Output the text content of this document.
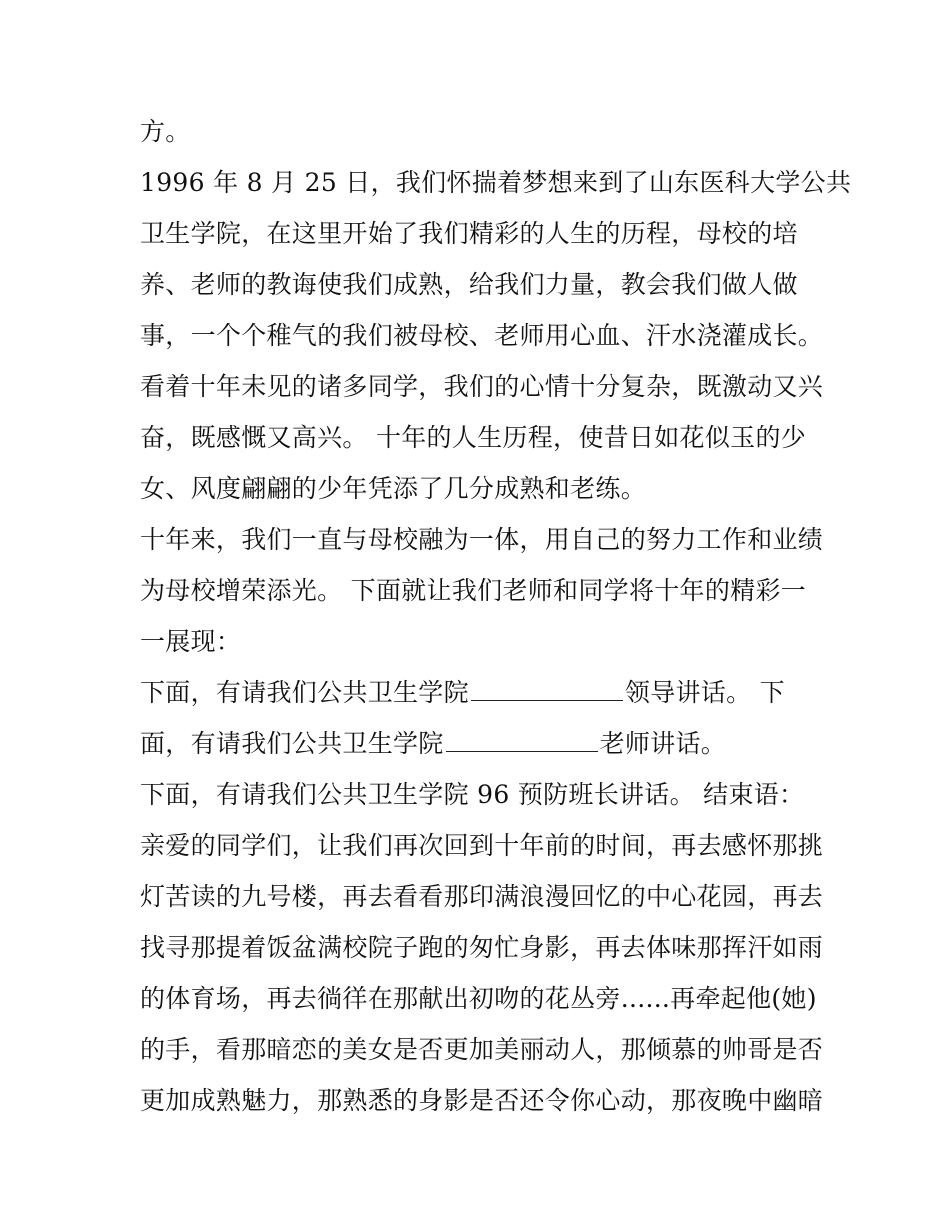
方。
1996 年 8 月 25 日，我们怀揣着梦想来到了山东医科大学公共
卫生学院，在这里开始了我们精彩的人生的历程，母校的培
养、老师的教诲使我们成熟，给我们力量，教会我们做人做
事，一个个稚气的我们被母校、老师用心血、汗水浇灌成长。
看着十年未见的诸多同学，我们的心情十分复杂，既激动又兴
奋，既感慨又高兴。 十年的人生历程，使昔日如花似玉的少
女、风度翩翩的少年凭添了几分成熟和老练。
十年来，我们一直与母校融为一体，用自己的努力工作和业绩
为母校增荣添光。 下面就让我们老师和同学将十年的精彩一
一展现：
下面，有请我们公共卫生学院	领导讲话。 下
面，有请我们公共卫生学院	老师讲话。
下面，有请我们公共卫生学院 96 预防班长讲话。 结束语：
亲爱的同学们，让我们再次回到十年前的时间，再去感怀那挑
灯苦读的九号楼，再去看看那印满浪漫回忆的中心花园，再去
找寻那提着饭盆满校院子跑的匆忙身影，再去体味那挥汗如雨
的体育场，再去徜徉在那献出初吻的花丛旁......再牵起他(她)
的手，看那暗恋的美女是否更加美丽动人，那倾慕的帅哥是否
更加成熟魅力，那熟悉的身影是否还令你心动，那夜晚中幽暗
